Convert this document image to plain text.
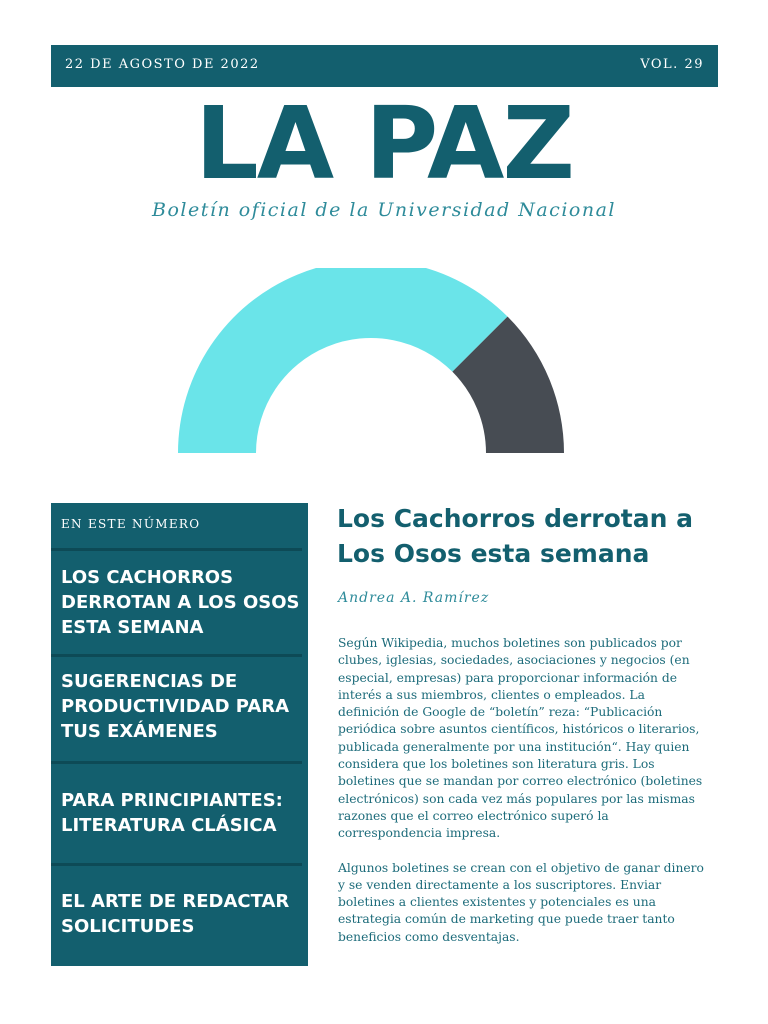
22 DE AGOSTO DE 2022	VOL. 29
LA PAZ
Boletín oficial de la Universidad Nacional
EN ESTE NÚMERO
LOS CACHORROS DERROTAN A LOS OSOS ESTA SEMANA
SUGERENCIAS DE PRODUCTIVIDAD PARA TUS EXÁMENES
PARA PRINCIPIANTES: LITERATURA CLÁSICA
EL ARTE DE REDACTAR SOLICITUDES
Los Cachorros derrotan a Los Osos esta semana
Andrea A. Ramírez

Según Wikipedia, muchos boletines son publicados por clubes, iglesias, sociedades, asociaciones y negocios (en especial, empresas) para proporcionar información de interés a sus miembros, clientes o empleados. La definición de Google de “boletín” reza: “Publicación periódica sobre asuntos científicos, históricos o literarios, publicada generalmente por una institución“. Hay quien considera que los boletines son literatura gris. Los boletines que se mandan por correo electrónico (boletines electrónicos) son cada vez más populares por las mismas razones que el correo electrónico superó la correspondencia impresa.

Algunos boletines se crean con el objetivo de ganar dinero y se venden directamente a los suscriptores. Enviar boletines a clientes existentes y potenciales es una estrategia común de marketing que puede traer tanto beneficios como desventajas.
